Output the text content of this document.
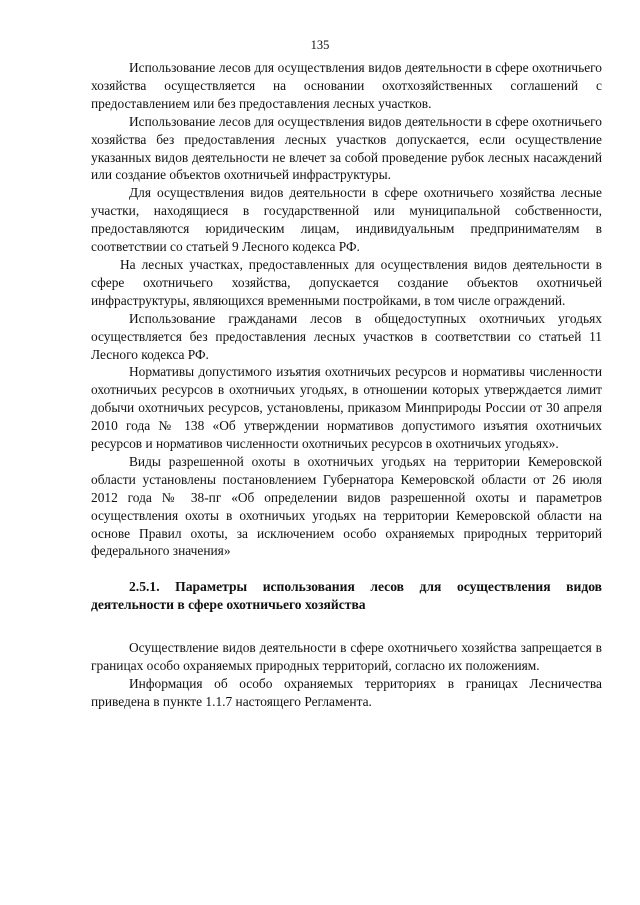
135

Использование лесов для осуществления видов деятельности в сфере охотничьего хозяйства осуществляется на основании охотхозяйственных соглашений с предоставлением или без предоставления лесных участков.

Использование лесов для осуществления видов деятельности в сфере охотничьего хозяйства без предоставления лесных участков допускается, если осуществление указанных видов деятельности не влечет за собой проведение рубок лесных насаждений или создание объектов охотничьей инфраструктуры.

Для осуществления видов деятельности в сфере охотничьего хозяйства лесные участки, находящиеся в государственной или муниципальной собственности, предоставляются юридическим лицам, индивидуальным предпринимателям в соответствии со статьей 9 Лесного кодекса РФ.

На лесных участках, предоставленных для осуществления видов деятельности в сфере охотничьего хозяйства, допускается создание объектов охотничьей инфраструктуры, являющихся временными постройками, в том числе ограждений.

Использование гражданами лесов в общедоступных охотничьих угодьях осуществляется без предоставления лесных участков в соответствии со статьей 11 Лесного кодекса РФ.

Нормативы допустимого изъятия охотничьих ресурсов и нормативы численности охотничьих ресурсов в охотничьих угодьях, в отношении которых утверждается лимит добычи охотничьих ресурсов, установлены, приказом Минприроды России от 30 апреля 2010 года № 138 «Об утверждении нормативов допустимого изъятия охотничьих ресурсов и нормативов численности охотничьих ресурсов в охотничьих угодьях».

Виды разрешенной охоты в охотничьих угодьях на территории Кемеровской области установлены постановлением Губернатора Кемеровской области от 26 июля 2012 года № 38-пг «Об определении видов разрешенной охоты и параметров осуществления охоты в охотничьих угодьях на территории Кемеровской области на основе Правил охоты, за исключением особо охраняемых природных территорий федерального значения»

2.5.1. Параметры использования лесов для осуществления видов деятельности в сфере охотничьего хозяйства

Осуществление видов деятельности в сфере охотничьего хозяйства запрещается в границах особо охраняемых природных территорий, согласно их положениям.

Информация об особо охраняемых территориях в границах Лесничества приведена в пункте 1.1.7 настоящего Регламента.
